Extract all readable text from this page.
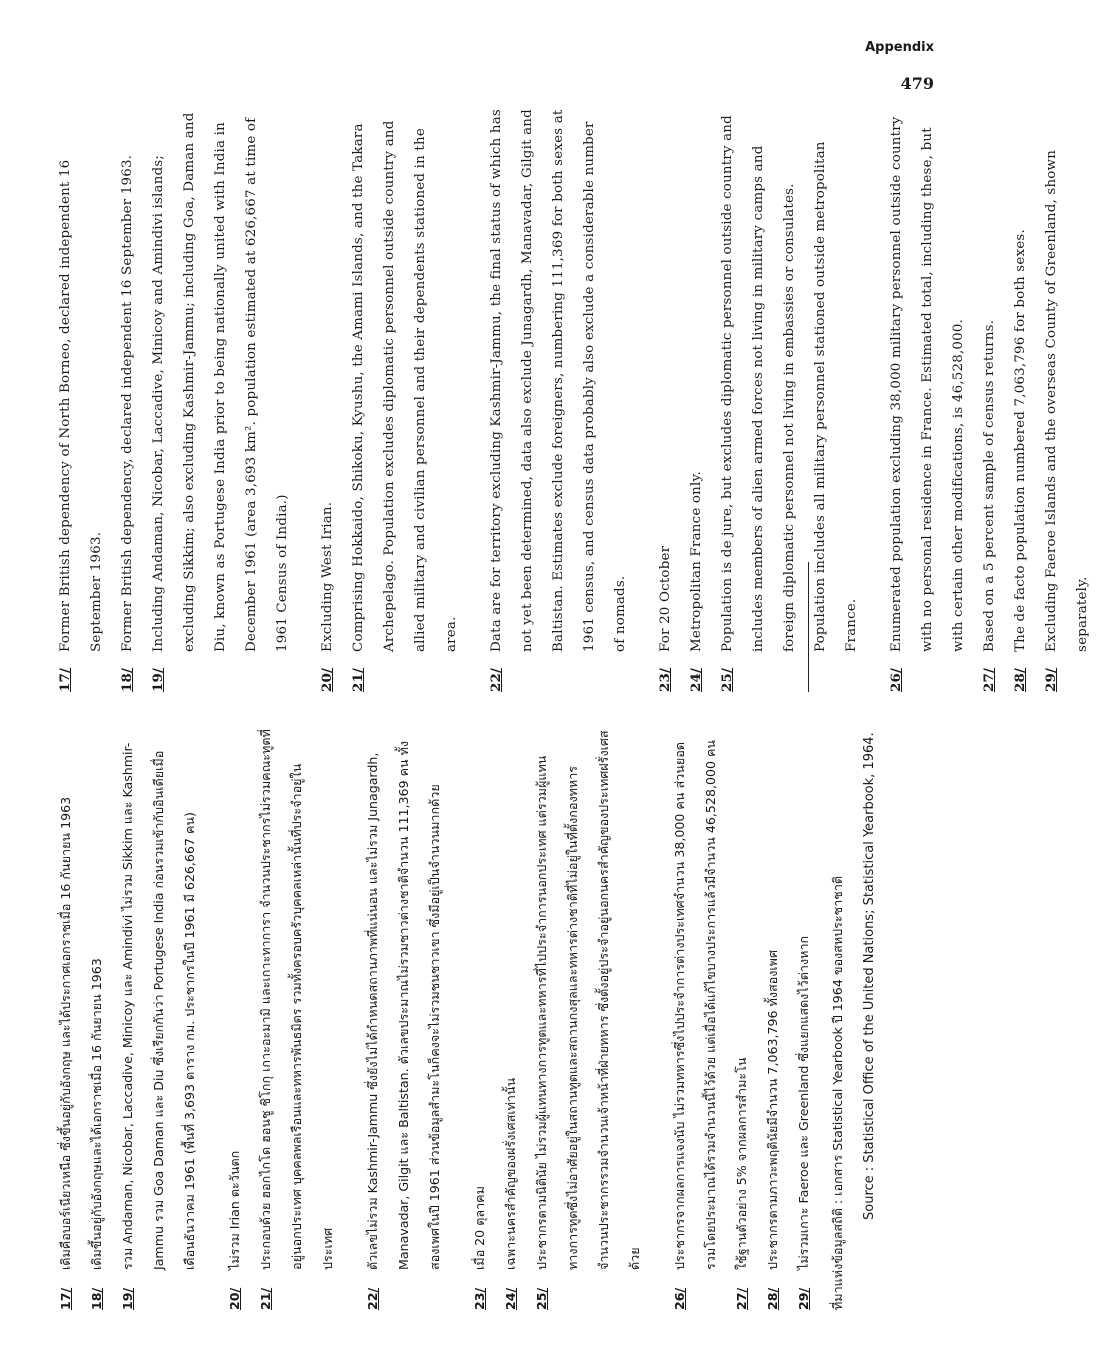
Appendix
479
17/
เดิมคือบอร์เนียวเหนือ ซึ่งขึ้นอยู่กับอังกฤษ และได้ประกาศเอกราชเมื่อ 16 กันยายน 1963
18/
เดิมขึ้นอยู่กับอังกฤษและได้เอกราชเมื่อ 16 กันยายน 1963
19/
รวม Andaman, Nicobar, Laccadive, Minicoy และ Amindivi ไม่รวม Sikkim และ Kashmir-Jammu รวม Goa Daman และ Diu ซึ่งเรียกกันว่า Portugese India ก่อนรวมเข้ากับอินเดียเมื่อเดือนธันวาคม 1961 (พื้นที่ 3,693 ตาราง กม. ประชากรในปี 1961 มี 626,667 คน)
20/
ไม่รวม Irian ตะวันตก
21/
ประกอบด้วย ฮอกไกโด ฮอนชู ชิโกกุ เกาะอะมามิ และเกาะทาการา จำนวนประชากรไม่รวมคณะทูตที่อยู่นอกประเทศ บุคคลพลเรือนและทหารพันธมิตร รวมทั้งครอบครัวบุคคลเหล่านั้นที่ประจำอยู่ในประเทศ
22/
ตัวเลขไม่รวม Kashmir-Jammu ซึ่งยังไม่ได้กำหนดสถานภาพที่แน่นอน และไม่รวม Junagardh, Manavadar, Gilgit และ Baltistan. ตัวเลขประมาณไม่รวมชาวต่างชาติจำนวน 111,369 คน ทั้งสองเพศในปี 1961 ส่วนข้อมูลสำมะโนก็คงจะไม่รวมชนชาวเขา ซึ่งมีอยู่เป็นจำนวนมากด้วย
23/
เมื่อ 20 ตุลาคม
24/
เฉพาะนครสำคัญของฝรั่งเศสเท่านั้น
25/
ประชากรตามนิตินัย ไม่รวมผู้แทนทางการทูตและทหารที่ไปประจำการนอกประเทศ แต่รวมผู้แทนทางการทูตซึ่งไม่อาศัยอยู่ในสถานทูตและสถานกงสุลและทหารต่างชาติที่ไม่อยู่ในที่ตั้งกองทหาร จำนวนประชากรรวมจำนวนเจ้าหน้าที่ฝ่ายทหาร ซึ่งตั้งอยู่ประจำอยู่นอกนครสำคัญของประเทศฝรั่งเศสด้วย
26/
ประชากรจากผลการแจงนับ ไม่รวมทหารซึ่งไปประจำการต่างประเทศจำนวน 38,000 คน ส่วนยอดรวมโดยประมาณได้รวมจำนวนนี้ไว้ด้วย แต่เมื่อได้แก้ไขบางประการแล้วมีจำนวน 46,528,000 คน
27/
ใช้ฐานตัวอย่าง 5% จากผลการสำมะโน
28/
ประชากรตามภาวะพฤตินัยมีจำนวน 7,063,796 ทั้งสองเพศ
29/
ไม่รวมเกาะ Faeroe และ Greenland ซึ่งแยกแสดงไว้ต่างหาก
17/
Former British dependency of North Borneo, declared independent 16 September 1963.
18/
Former British dependency, declared independent 16 September 1963.
19/
Including Andaman, Nicobar, Laccadive, Minicoy and Amindivi islands; excluding Sikkim; also excluding Kashmir-Jammu; including Goa, Daman and Diu, known as Portugese India prior to being nationally united with India in December 1961 (area 3,693 km². population estimated at 626,667 at time of 1961 Census of India.)
20/
Excluding West Irian.
21/
Comprising Hokkaido, Shikoku, Kyushu, the Amami Islands, and the Takara Archepelago. Population excludes diplomatic personnel outside country and allied military and civilian personnel and their dependents stationed in the area.
22/
Data are for territory excluding Kashmir-Jammu, the final status of which has not yet been determined, data also exclude Junagardh, Manavadar, Gilgit and Baltistan. Estimates exclude foreigners, numbering 111,369 for both sexes at 1961 census, and census data probably also exclude a considerable number of nomads.
23/
For 20 October
24/
Metropolitan France only.
25/
Population is de jure, but excludes diplomatic personnel outside country and includes members of alien armed forces not living in military camps and foreign diplomatic personnel not living in embassies or consulates. Population includes all military personnel stationed outside metropolitan France.
26/
Enumerated population excluding 38,000 military personnel outside country with no personal residence in France. Estimated total, including these, but with certain other modifications, is 46,528,000.
27/
Based on a 5 percent sample of census returns.
28/
The de facto population numbered 7,063,796 for both sexes.
29/
Excluding Faeroe Islands and the overseas County of Greenland, shown separately.
ที่มาแห่งข้อมูลสถิติ : เอกสาร Statistical Yearbook ปี 1964 ของสหประชาชาติ	Source : Statistical Office of the United Nations; Statistical Yearbook, 1964.
